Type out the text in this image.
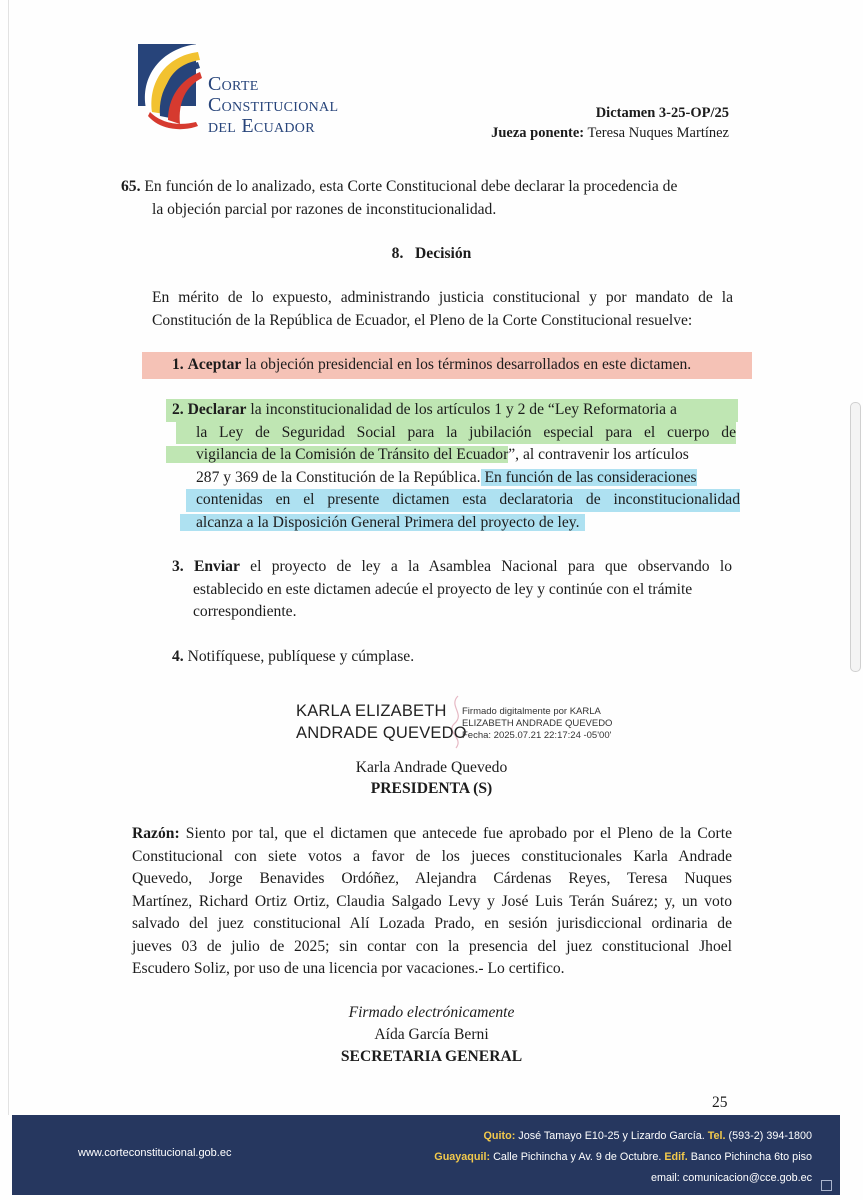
Corte
Constitucional
del Ecuador
Dictamen 3-25-OP/25
Jueza ponente: Teresa Nuques Martínez
65. En función de lo analizado, esta Corte Constitucional debe declarar la procedencia de
la objeción parcial por razones de inconstitucionalidad.
8.   Decisión
En mérito de lo expuesto, administrando justicia constitucional y por mandato de la
Constitución de la República de Ecuador, el Pleno de la Corte Constitucional resuelve:
1. Aceptar la objeción presidencial en los términos desarrollados en este dictamen.
2. Declarar la inconstitucionalidad de los artículos 1 y 2 de “Ley Reformatoria a
la Ley de Seguridad Social para la jubilación especial para el cuerpo de
vigilancia de la Comisión de Tránsito del Ecuador”, al contravenir los artículos
287 y 369 de la Constitución de la República. En función de las consideraciones
contenidas en el presente dictamen esta declaratoria de inconstitucionalidad
alcanza a la Disposición General Primera del proyecto de ley.
3. Enviar el proyecto de ley a la Asamblea Nacional para que observando lo
establecido en este dictamen adecúe el proyecto de ley y continúe con el trámite
correspondiente.
4. Notifíquese, publíquese y cúmplase.
KARLA ELIZABETH
ANDRADE QUEVEDO
Firmado digitalmente por KARLA
ELIZABETH ANDRADE QUEVEDO
Fecha: 2025.07.21 22:17:24 -05'00'
Karla Andrade Quevedo
PRESIDENTA (S)
Razón: Siento por tal, que el dictamen que antecede fue aprobado por el Pleno de la Corte
Constitucional con siete votos a favor de los jueces constitucionales Karla Andrade
Quevedo, Jorge Benavides Ordóñez, Alejandra Cárdenas Reyes, Teresa Nuques
Martínez, Richard Ortiz Ortiz, Claudia Salgado Levy y José Luis Terán Suárez; y, un voto
salvado del juez constitucional Alí Lozada Prado, en sesión jurisdiccional ordinaria de
jueves 03 de julio de 2025; sin contar con la presencia del juez constitucional Jhoel
Escudero Soliz, por uso de una licencia por vacaciones.- Lo certifico.
Firmado electrónicamente
Aída García Berni
SECRETARIA GENERAL
25
www.corteconstitucional.gob.ec
Quito: José Tamayo E10-25 y Lizardo García. Tel. (593-2) 394-1800
Guayaquil: Calle Pichincha y Av. 9 de Octubre. Edif. Banco Pichincha 6to piso
email: comunicacion@cce.gob.ec
